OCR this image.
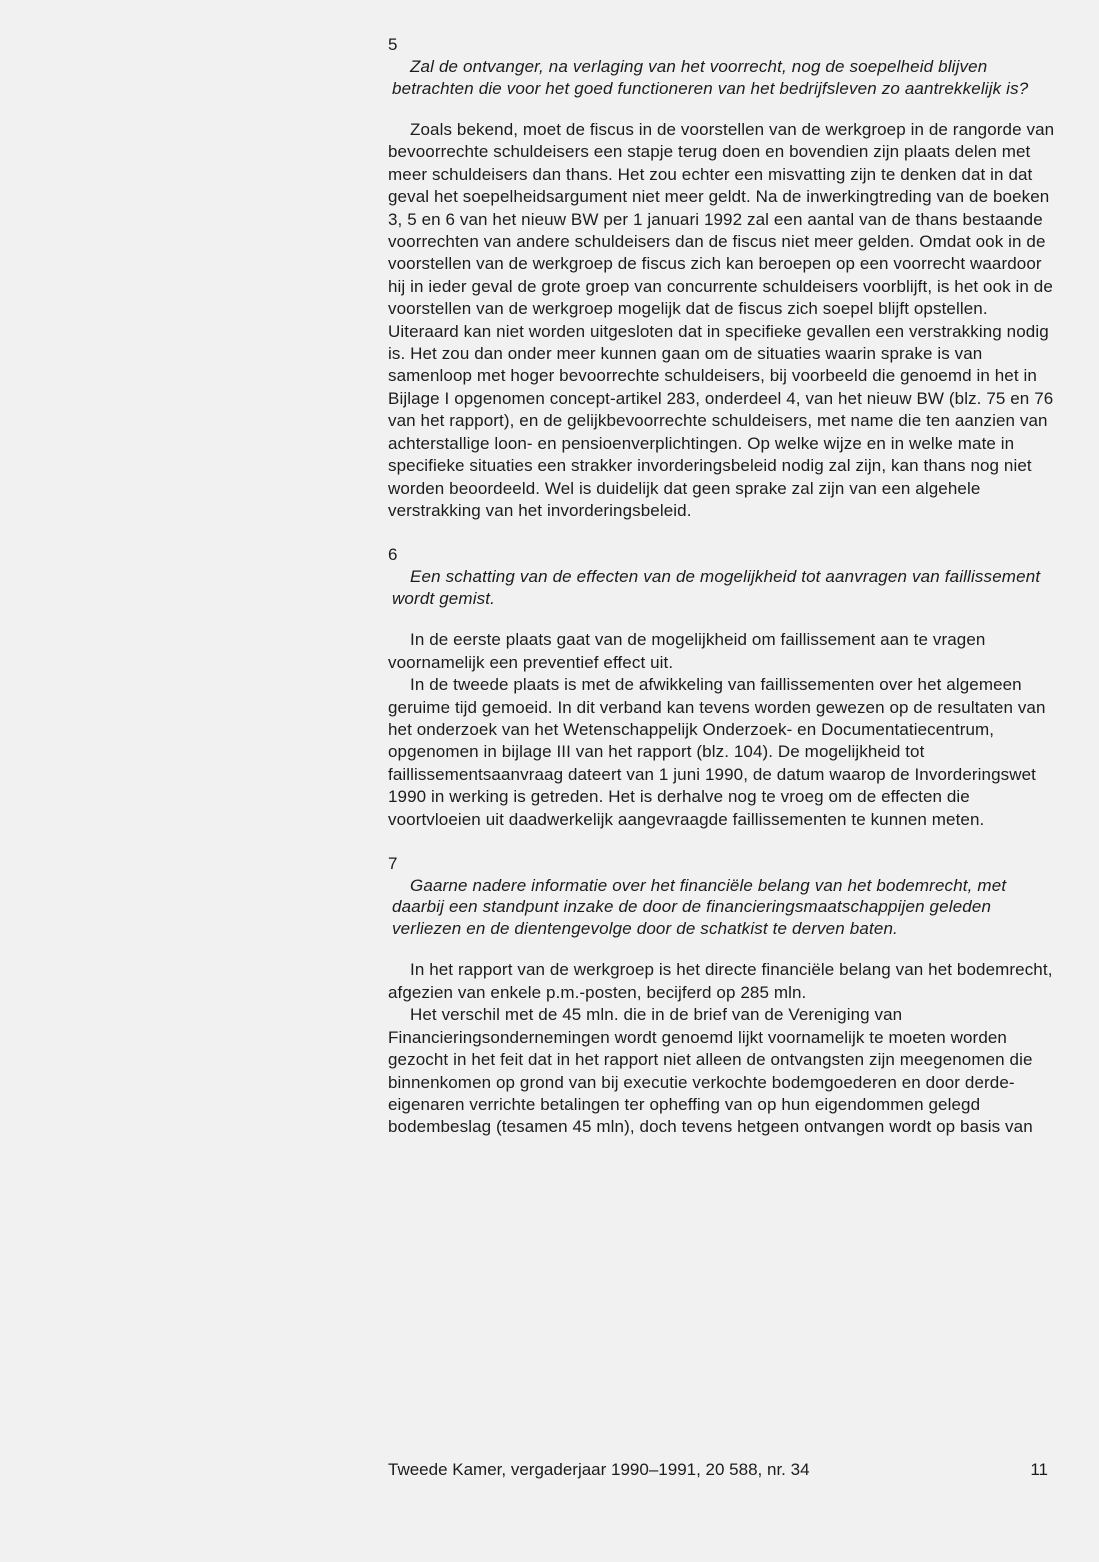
5

Zal de ontvanger, na verlaging van het voorrecht, nog de soepelheid blijven betrachten die voor het goed functioneren van het bedrijfsleven zo aantrekkelijk is?

Zoals bekend, moet de fiscus in de voorstellen van de werkgroep in de rangorde van bevoorrechte schuldeisers een stapje terug doen en bovendien zijn plaats delen met meer schuldeisers dan thans. Het zou echter een misvatting zijn te denken dat in dat geval het soepelheidsargument niet meer geldt. Na de inwerkingtreding van de boeken 3, 5 en 6 van het nieuw BW per 1 januari 1992 zal een aantal van de thans bestaande voorrechten van andere schuldeisers dan de fiscus niet meer gelden. Omdat ook in de voorstellen van de werkgroep de fiscus zich kan beroepen op een voorrecht waardoor hij in ieder geval de grote groep van concurrente schuldeisers voorblijft, is het ook in de voorstellen van de werkgroep mogelijk dat de fiscus zich soepel blijft opstellen. Uiteraard kan niet worden uitgesloten dat in specifieke gevallen een verstrakking nodig is. Het zou dan onder meer kunnen gaan om de situaties waarin sprake is van samenloop met hoger bevoorrechte schuldeisers, bij voorbeeld die genoemd in het in Bijlage I opgenomen concept-artikel 283, onderdeel 4, van het nieuw BW (blz. 75 en 76 van het rapport), en de gelijkbevoorrechte schuldeisers, met name die ten aanzien van achterstallige loon- en pensioenverplichtingen. Op welke wijze en in welke mate in specifieke situaties een strakker invorderingsbeleid nodig zal zijn, kan thans nog niet worden beoordeeld. Wel is duidelijk dat geen sprake zal zijn van een algehele verstrakking van het invorderingsbeleid.

6

Een schatting van de effecten van de mogelijkheid tot aanvragen van faillissement wordt gemist.

In de eerste plaats gaat van de mogelijkheid om faillissement aan te vragen voornamelijk een preventief effect uit.

In de tweede plaats is met de afwikkeling van faillissementen over het algemeen geruime tijd gemoeid. In dit verband kan tevens worden gewezen op de resultaten van het onderzoek van het Wetenschappelijk Onderzoek- en Documentatiecentrum, opgenomen in bijlage III van het rapport (blz. 104). De mogelijkheid tot faillissementsaanvraag dateert van 1 juni 1990, de datum waarop de Invorderingswet 1990 in werking is getreden. Het is derhalve nog te vroeg om de effecten die voortvloeien uit daadwerkelijk aangevraagde faillissementen te kunnen meten.

7

Gaarne nadere informatie over het financiële belang van het bodemrecht, met daarbij een standpunt inzake de door de financieringsmaatschappijen geleden verliezen en de dientengevolge door de schatkist te derven baten.

In het rapport van de werkgroep is het directe financiële belang van het bodemrecht, afgezien van enkele p.m.-posten, becijferd op 285 mln.

Het verschil met de 45 mln. die in de brief van de Vereniging van Financieringsondernemingen wordt genoemd lijkt voornamelijk te moeten worden gezocht in het feit dat in het rapport niet alleen de ontvangsten zijn meegenomen die binnenkomen op grond van bij executie verkochte bodemgoederen en door derde-eigenaren verrichte betalingen ter opheffing van op hun eigendommen gelegd bodembeslag (tesamen 45 mln), doch tevens hetgeen ontvangen wordt op basis van

Tweede Kamer, vergaderjaar 1990–1991, 20 588, nr. 34	11
